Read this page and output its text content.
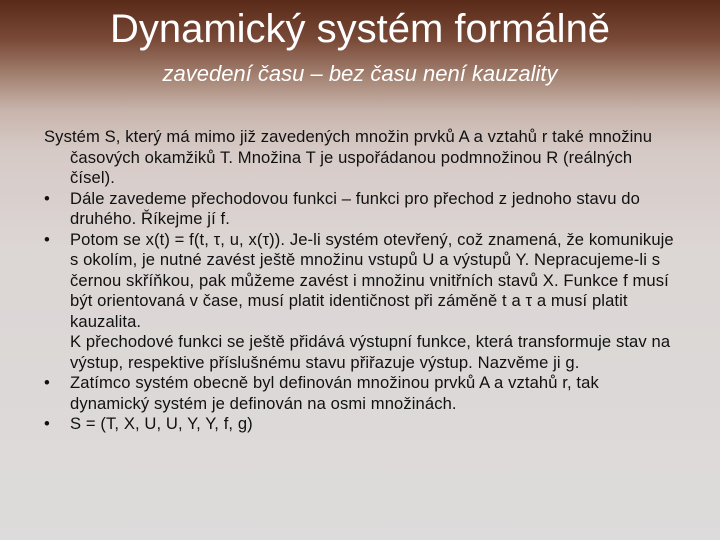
Dynamický systém formálně
zavedení času – bez času není kauzality
Systém S, který má mimo již zavedených množin prvků A a vztahů r také množinu časových okamžiků T. Množina T je uspořádanou podmnožinou R (reálných čísel).
•	Dále zavedeme přechodovou funkci – funkci pro přechod z jednoho stavu do druhého. Říkejme jí f.
•	Potom se x(t) = f(t, τ, u, x(τ)). Je-li systém otevřený, což znamená, že komunikuje s okolím, je nutné zavést ještě množinu vstupů U a výstupů Y. Nepracujeme-li s černou skříňkou, pak můžeme zavést i množinu vnitřních stavů X. Funkce f musí být orientovaná v čase, musí platit identičnost při záměně t a τ a musí platit kauzalita.
K přechodové funkci se ještě přidává výstupní funkce, která transformuje stav na výstup, respektive příslušnému stavu přiřazuje výstup. Nazvěme ji g.
•	Zatímco systém obecně byl definován množinou prvků A a vztahů r, tak dynamický systém je definován na osmi množinách.
•	S = (T, X, U, U, Y, Y, f, g)
